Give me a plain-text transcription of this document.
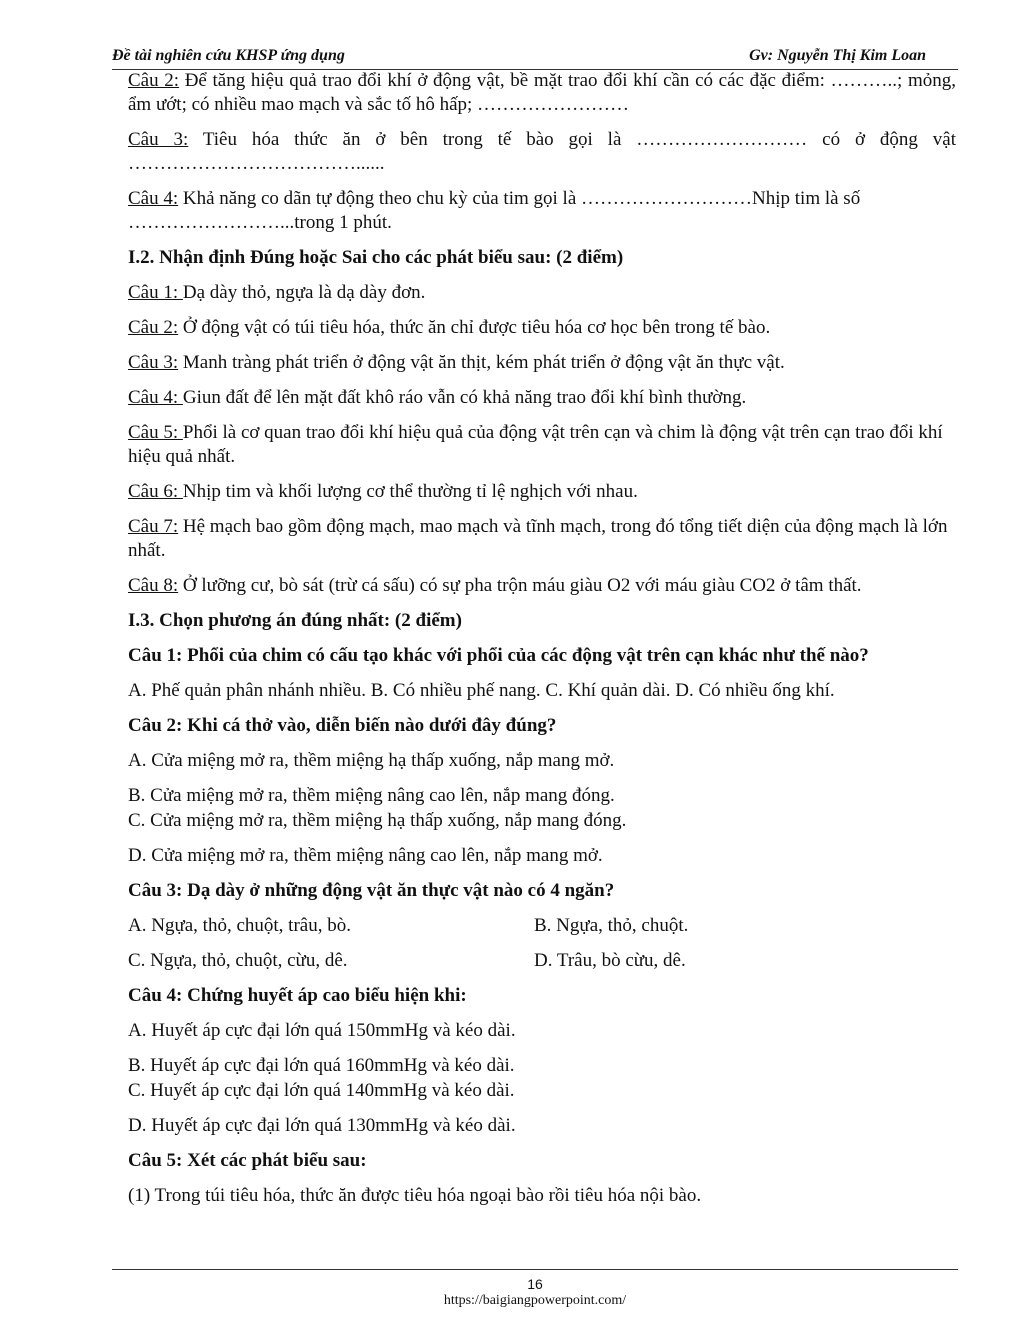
Đề tài nghiên cứu KHSP ứng dụng	Gv: Nguyễn Thị Kim Loan

Câu 2: Để tăng hiệu quả trao đổi khí ở động vật, bề mặt trao đổi khí cần có các đặc điểm: ………..; mỏng, ẩm ướt; có nhiều mao mạch và sắc tố hô hấp; ……………………

Câu 3: Tiêu hóa thức ăn ở bên trong tế bào gọi là ……………………… có ở động vật ………………………………......

Câu 4: Khả năng co dãn tự động theo chu kỳ của tim gọi là ………………………Nhịp tim là số ……………………...trong 1 phút.

I.2. Nhận định Đúng hoặc Sai cho các phát biểu sau: (2 điểm)

Câu 1: Dạ dày thỏ, ngựa là dạ dày đơn.

Câu 2: Ở động vật có túi tiêu hóa, thức ăn chỉ được tiêu hóa cơ học bên trong tế bào.

Câu 3: Manh tràng phát triển ở động vật ăn thịt, kém phát triển ở động vật ăn thực vật.

Câu 4: Giun đất để lên mặt đất khô ráo vẫn có khả năng trao đổi khí bình thường.

Câu 5: Phổi là cơ quan trao đổi khí hiệu quả của động vật trên cạn và chim là động vật trên cạn trao đổi khí hiệu quả nhất.

Câu 6: Nhịp tim và khối lượng cơ thể thường tỉ lệ nghịch với nhau.

Câu 7: Hệ mạch bao gồm động mạch, mao mạch và tĩnh mạch, trong đó tổng tiết diện của động mạch là lớn nhất.

Câu 8: Ở lưỡng cư, bò sát (trừ cá sấu) có sự pha trộn máu giàu O2 với máu giàu CO2 ở tâm thất.

I.3. Chọn phương án đúng nhất: (2 điểm)

Câu 1: Phổi của chim có cấu tạo khác với phổi của các động vật trên cạn khác như thế nào?

A. Phế quản phân nhánh nhiều. B. Có nhiều phế nang. C. Khí quản dài. D. Có nhiều ống khí.

Câu 2: Khi cá thở vào, diễn biến nào dưới đây đúng?

A. Cửa miệng mở ra, thềm miệng hạ thấp xuống, nắp mang mở.

B. Cửa miệng mở ra, thềm miệng nâng cao lên, nắp mang đóng.

C. Cửa miệng mở ra, thềm miệng hạ thấp xuống, nắp mang đóng.

D. Cửa miệng mở ra, thềm miệng nâng cao lên, nắp mang mở.

Câu 3: Dạ dày ở những động vật ăn thực vật nào có 4 ngăn?

A. Ngựa, thỏ, chuột, trâu, bò.	B. Ngựa, thỏ, chuột.
C. Ngựa, thỏ, chuột, cừu, dê.	D. Trâu, bò cừu, dê.

Câu 4: Chứng huyết áp cao biểu hiện khi:

A. Huyết áp cực đại lớn quá 150mmHg và kéo dài.

B. Huyết áp cực đại lớn quá 160mmHg và kéo dài.

C. Huyết áp cực đại lớn quá 140mmHg và kéo dài.

D. Huyết áp cực đại lớn quá 130mmHg và kéo dài.

Câu 5: Xét các phát biểu sau:

(1) Trong túi tiêu hóa, thức ăn được tiêu hóa ngoại bào rồi tiêu hóa nội bào.

16
https://baigiangpowerpoint.com/
